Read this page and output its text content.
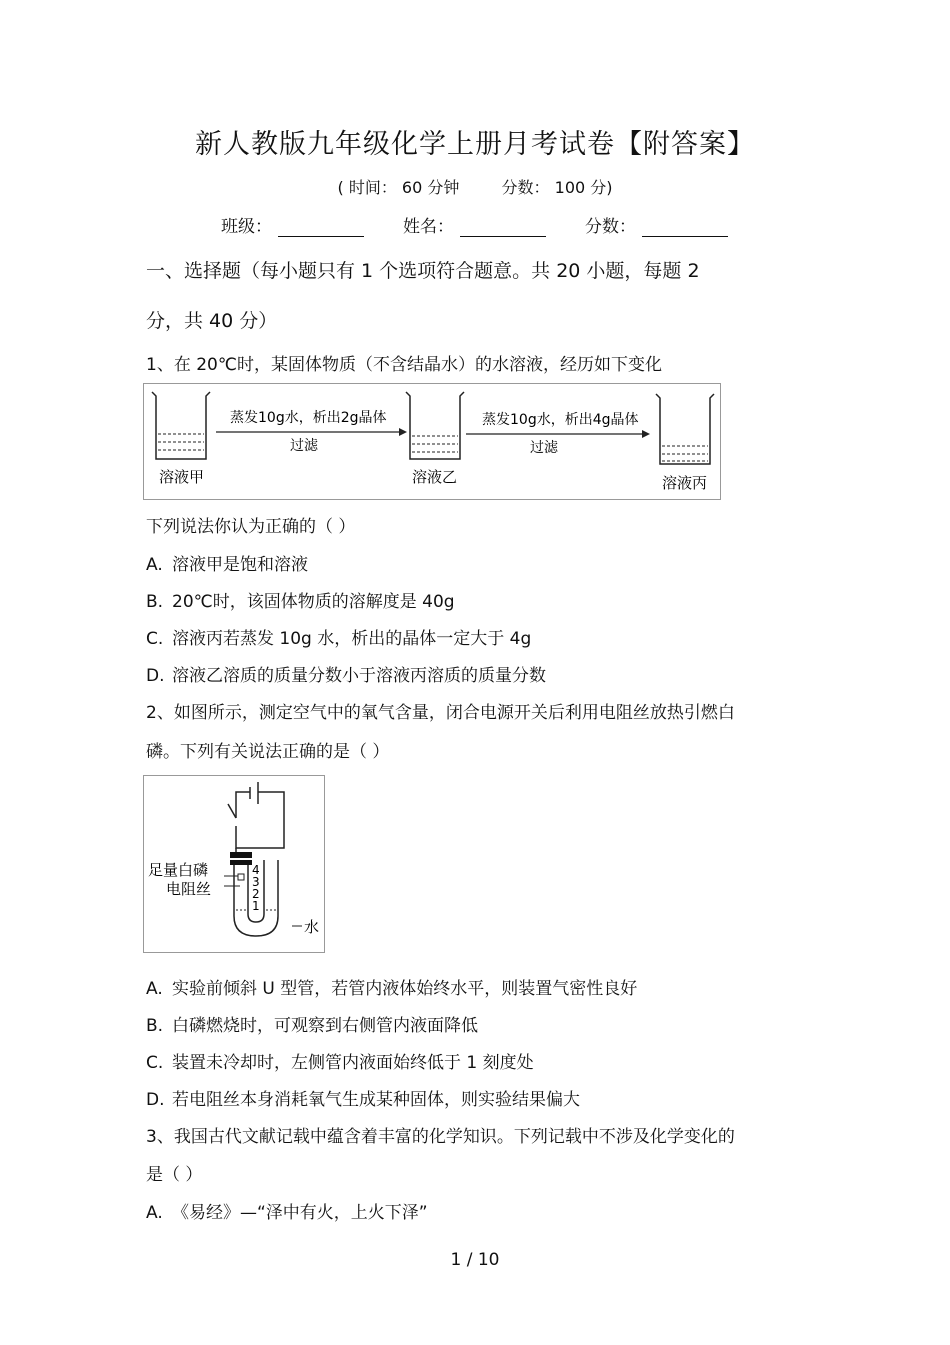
新人教版九年级化学上册月考试卷【附答案】
( 时间： 60 分钟	分数： 100 分)
班级：	姓名：	分数：
一、选择题（每小题只有 1 个选项符合题意。共 20 小题，每题 2
分，共 40 分）
1、在 20℃时，某固体物质（不含结晶水）的水溶液，经历如下变化
溶液甲
蒸发10g水，析出2g晶体
过滤
溶液乙
蒸发10g水，析出4g晶体
过滤
溶液丙
下列说法你认为正确的（ ）
A. 溶液甲是饱和溶液
B. 20℃时，该固体物质的溶解度是 40g
C. 溶液丙若蒸发 10g 水，析出的晶体一定大于 4g
D. 溶液乙溶质的质量分数小于溶液丙溶质的质量分数
2、如图所示，测定空气中的氧气含量，闭合电源开关后利用电阻丝放热引燃白
磷。下列有关说法正确的是（ ）
4
3
2
1
足量白磷
电阻丝
水
A. 实验前倾斜 U 型管，若管内液体始终水平，则装置气密性良好
B. 白磷燃烧时，可观察到右侧管内液面降低
C. 装置未冷却时，左侧管内液面始终低于 1 刻度处
D. 若电阻丝本身消耗氧气生成某种固体，则实验结果偏大
3、我国古代文献记载中蕴含着丰富的化学知识。下列记载中不涉及化学变化的
是（ ）
A. 《易经》—“泽中有火，上火下泽”
1 / 10
